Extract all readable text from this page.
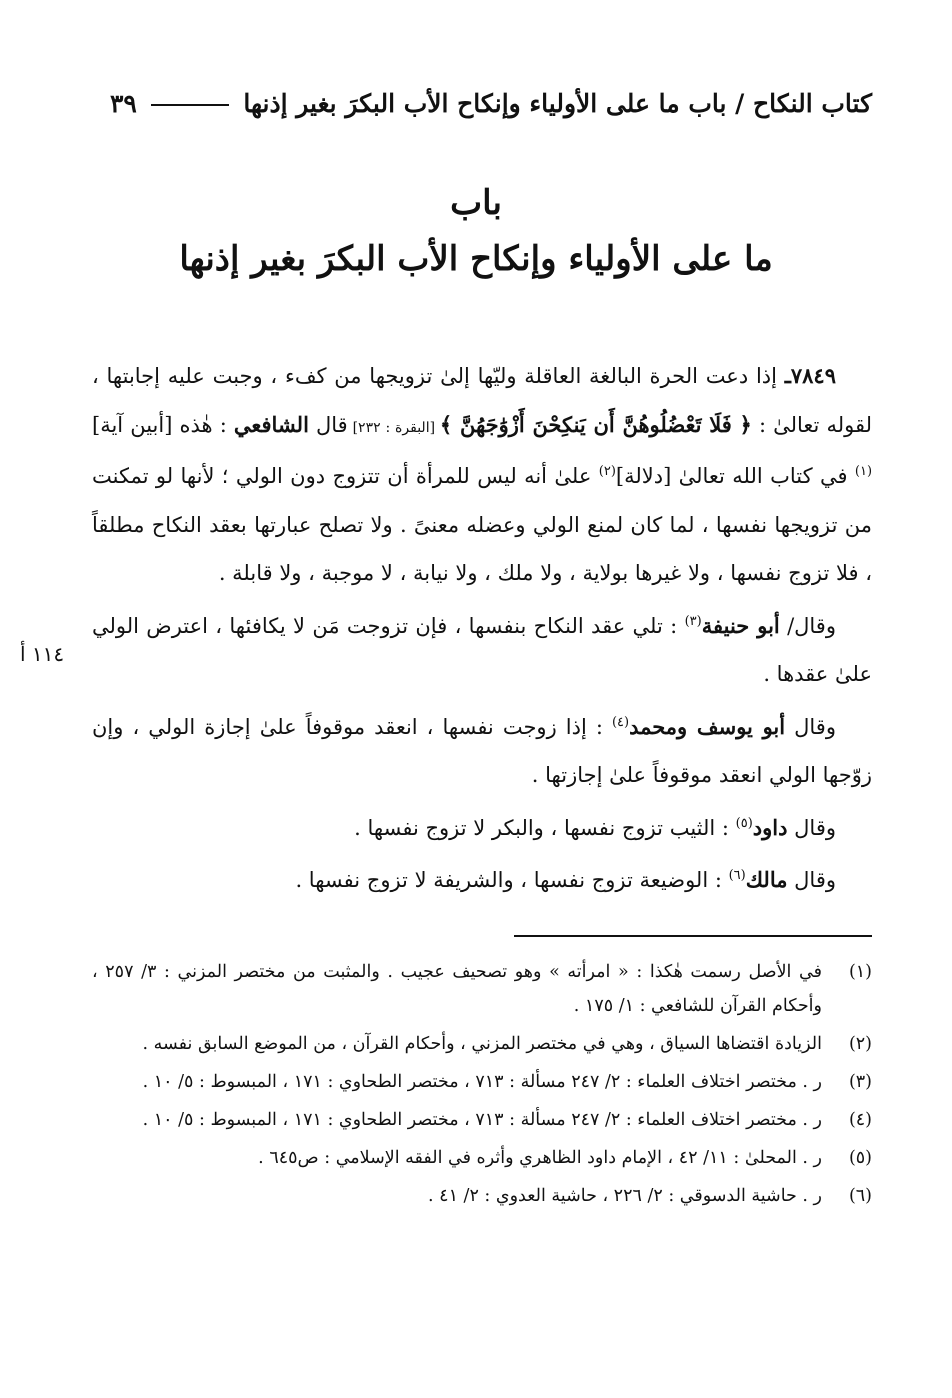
كتاب النكاح / باب ما على الأولياء وإنكاح الأب البكرَ بغير إذنها
٣٩
باب
ما على الأولياء وإنكاح الأب البكرَ بغير إذنها

٧٨٤٩ـ إذا دعت الحرة البالغة العاقلة وليّها إلىٰ تزويجها من كفء ، وجبت عليه إجابتها ، لقوله تعالىٰ : ﴿ فَلَا تَعْضُلُوهُنَّ أَن يَنكِحْنَ أَزْوَٰجَهُنَّ ﴾ [البقرة : ٢٣٢] قال الشافعي : هٰذه [أبين آية]$^{(١)}$ في كتاب الله تعالىٰ [دلالة]$^{(٢)}$ علىٰ أنه ليس للمرأة أن تتزوج دون الولي ؛ لأنها لو تمكنت من تزويجها نفسها ، لما كان لمنع الولي وعضله معنىً . ولا تصلح عبارتها بعقد النكاح مطلقاً ، فلا تزوج نفسها ، ولا غيرها بولاية ، ولا ملك ، ولا نيابة ، لا موجبة ، ولا قابلة .

وقال/ أبو حنيفة$^{(٣)}$ : تلي عقد النكاح بنفسها ، فإن تزوجت مَن لا يكافئها ، اعترض الولي علىٰ عقدها .

وقال أبو يوسف ومحمد$^{(٤)}$ : إذا زوجت نفسها ، انعقد موقوفاً علىٰ إجازة الولي ، وإن زوّجها الولي انعقد موقوفاً علىٰ إجازتها .

وقال داود$^{(٥)}$ : الثيب تزوج نفسها ، والبكر لا تزوج نفسها .

وقال مالك$^{(٦)}$ : الوضيعة تزوج نفسها ، والشريفة لا تزوج نفسها .

١١٤ أ
(١)
في الأصل رسمت هٰكذا : « امرأته » وهو تصحيف عجيب . والمثبت من مختصر المزني : ٣/ ٢٥٧ ، وأحكام القرآن للشافعي : ١/ ١٧٥ .
(٢)
الزيادة اقتضاها السياق ، وهي في مختصر المزني ، وأحكام القرآن ، من الموضع السابق نفسه .
(٣)
ر . مختصر اختلاف العلماء : ٢/ ٢٤٧ مسألة : ٧١٣ ، مختصر الطحاوي : ١٧١ ، المبسوط : ٥/ ١٠ .
(٤)
ر . مختصر اختلاف العلماء : ٢/ ٢٤٧ مسألة : ٧١٣ ، مختصر الطحاوي : ١٧١ ، المبسوط : ٥/ ١٠ .
(٥)
ر . المحلىٰ : ١١/ ٤٢ ، الإمام داود الظاهري وأثره في الفقه الإسلامي : ص٦٤٥ .
(٦)
ر . حاشية الدسوقي : ٢/ ٢٢٦ ، حاشية العدوي : ٢/ ٤١ .
